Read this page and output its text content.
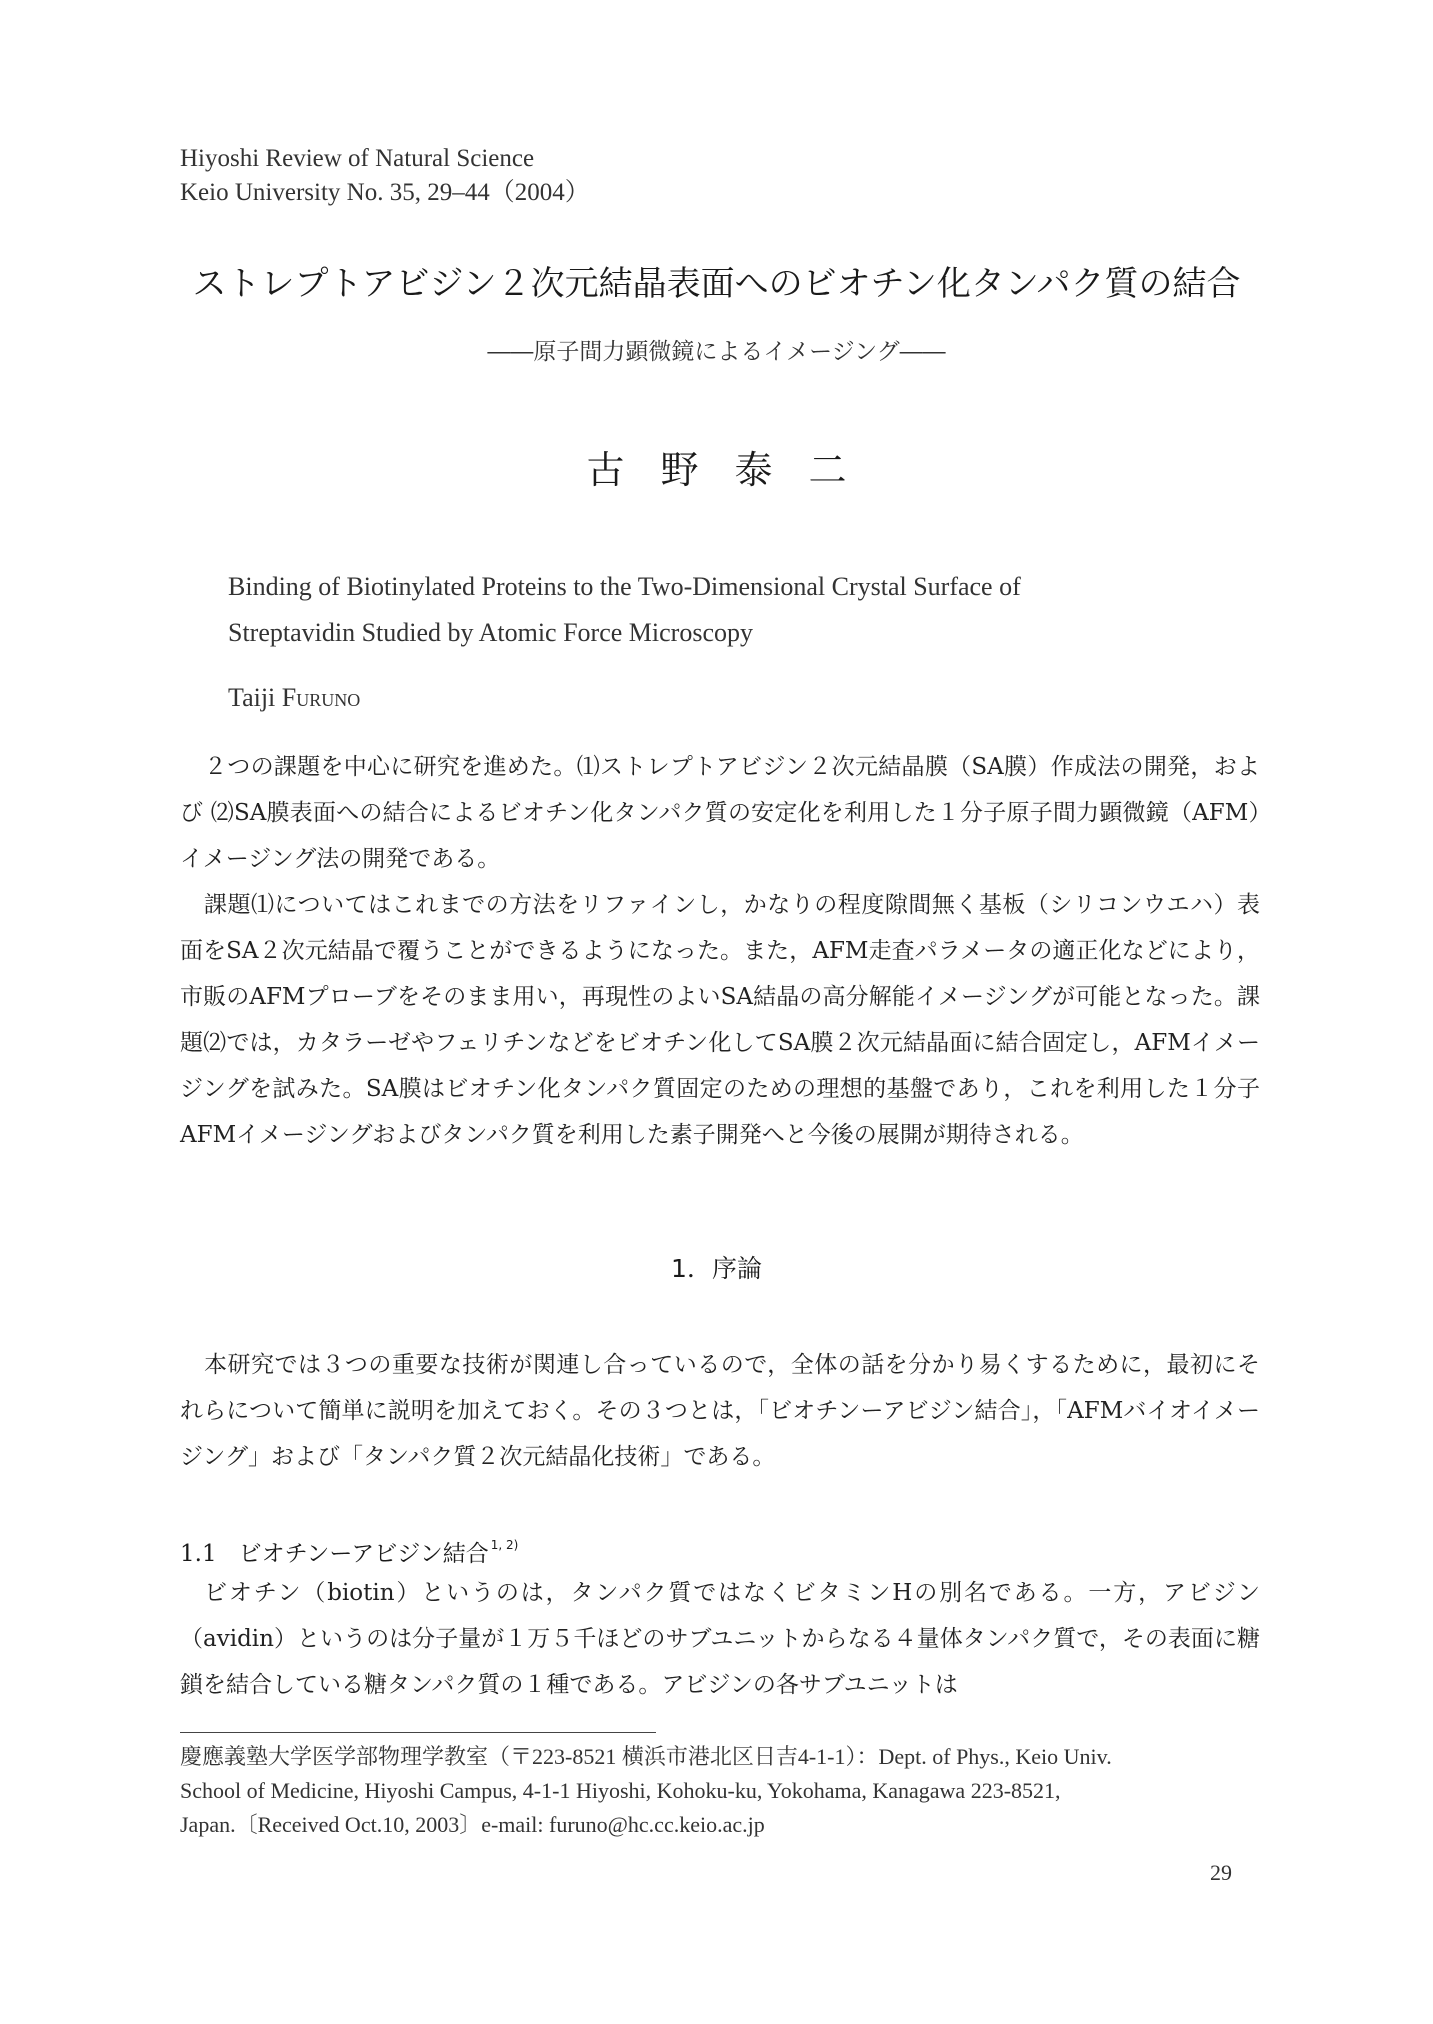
Hiyoshi Review of Natural Science
Keio University No. 35, 29–44（2004）
ストレプトアビジン２次元結晶表面へのビオチン化タンパク質の結合
――原子間力顕微鏡によるイメージング――
古野泰二
Binding of Biotinylated Proteins to the Two-Dimensional Crystal Surface of
Streptavidin Studied by Atomic Force Microscopy
Taiji Furuno

２つの課題を中心に研究を進めた。⑴ストレプトアビジン２次元結晶膜（SA膜）作成法の開発，および ⑵SA膜表面への結合によるビオチン化タンパク質の安定化を利用した１分子原子間力顕微鏡（AFM）イメージング法の開発である。

課題⑴についてはこれまでの方法をリファインし，かなりの程度隙間無く基板（シリコンウエハ）表面をSA２次元結晶で覆うことができるようになった。また，AFM走査パラメータの適正化などにより，市販のAFMプローブをそのまま用い，再現性のよいSA結晶の高分解能イメージングが可能となった。課題⑵では，カタラーゼやフェリチンなどをビオチン化してSA膜２次元結晶面に結合固定し，AFMイメージングを試みた。SA膜はビオチン化タンパク質固定のための理想的基盤であり，これを利用した１分子AFMイメージングおよびタンパク質を利用した素子開発へと今後の展開が期待される。

1．序論

本研究では３つの重要な技術が関連し合っているので，全体の話を分かり易くするために，最初にそれらについて簡単に説明を加えておく。その３つとは，「ビオチンーアビジン結合」，「AFMバイオイメージング」および「タンパク質２次元結晶化技術」である。

1.1 ビオチンーアビジン結合 $^{1, 2)}$

ビオチン（biotin）というのは，タンパク質ではなくビタミンHの別名である。一方，アビジン （avidin）というのは分子量が１万５千ほどのサブユニットからなる４量体タンパク質で，その表面に糖鎖を結合している糖タンパク質の１種である。アビジンの各サブユニットは

慶應義塾大学医学部物理学教室（〒223-8521 横浜市港北区日吉4-1-1）：Dept. of Phys., Keio Univ.
School of Medicine, Hiyoshi Campus, 4-1-1 Hiyoshi, Kohoku-ku, Yokohama, Kanagawa 223-8521,
Japan.〔Received Oct.10, 2003〕e-mail: furuno@hc.cc.keio.ac.jp
29
